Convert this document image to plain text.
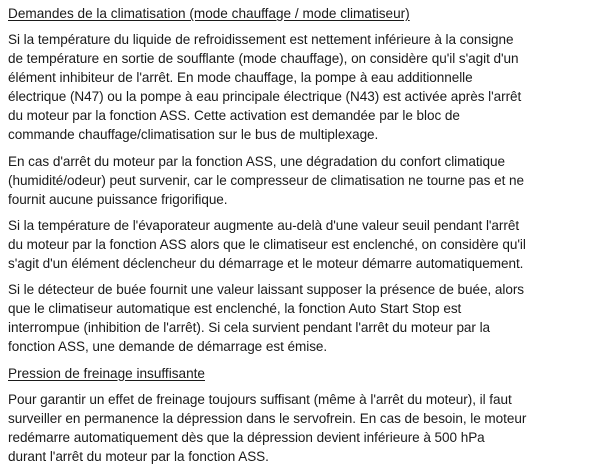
Demandes de la climatisation (mode chauffage / mode climatiseur)

Si la température du liquide de refroidissement est nettement inférieure à la consigne
de température en sortie de soufflante (mode chauffage), on considère qu'il s'agit d'un
élément inhibiteur de l'arrêt. En mode chauffage, la pompe à eau additionnelle
électrique (N47) ou la pompe à eau principale électrique (N43) est activée après l'arrêt
du moteur par la fonction ASS. Cette activation est demandée par le bloc de
commande chauffage/climatisation sur le bus de multiplexage.

En cas d'arrêt du moteur par la fonction ASS, une dégradation du confort climatique
(humidité/odeur) peut survenir, car le compresseur de climatisation ne tourne pas et ne
fournit aucune puissance frigorifique.

Si la température de l'évaporateur augmente au-delà d'une valeur seuil pendant l'arrêt
du moteur par la fonction ASS alors que le climatiseur est enclenché, on considère qu'il
s'agit d'un élément déclencheur du démarrage et le moteur démarre automatiquement.

Si le détecteur de buée fournit une valeur laissant supposer la présence de buée, alors
que le climatiseur automatique est enclenché, la fonction Auto Start Stop est
interrompue (inhibition de l'arrêt). Si cela survient pendant l'arrêt du moteur par la
fonction ASS, une demande de démarrage est émise.

Pression de freinage insuffisante

Pour garantir un effet de freinage toujours suffisant (même à l'arrêt du moteur), il faut
surveiller en permanence la dépression dans le servofrein. En cas de besoin, le moteur
redémarre automatiquement dès que la dépression devient inférieure à 500 hPa
durant l'arrêt du moteur par la fonction ASS.
